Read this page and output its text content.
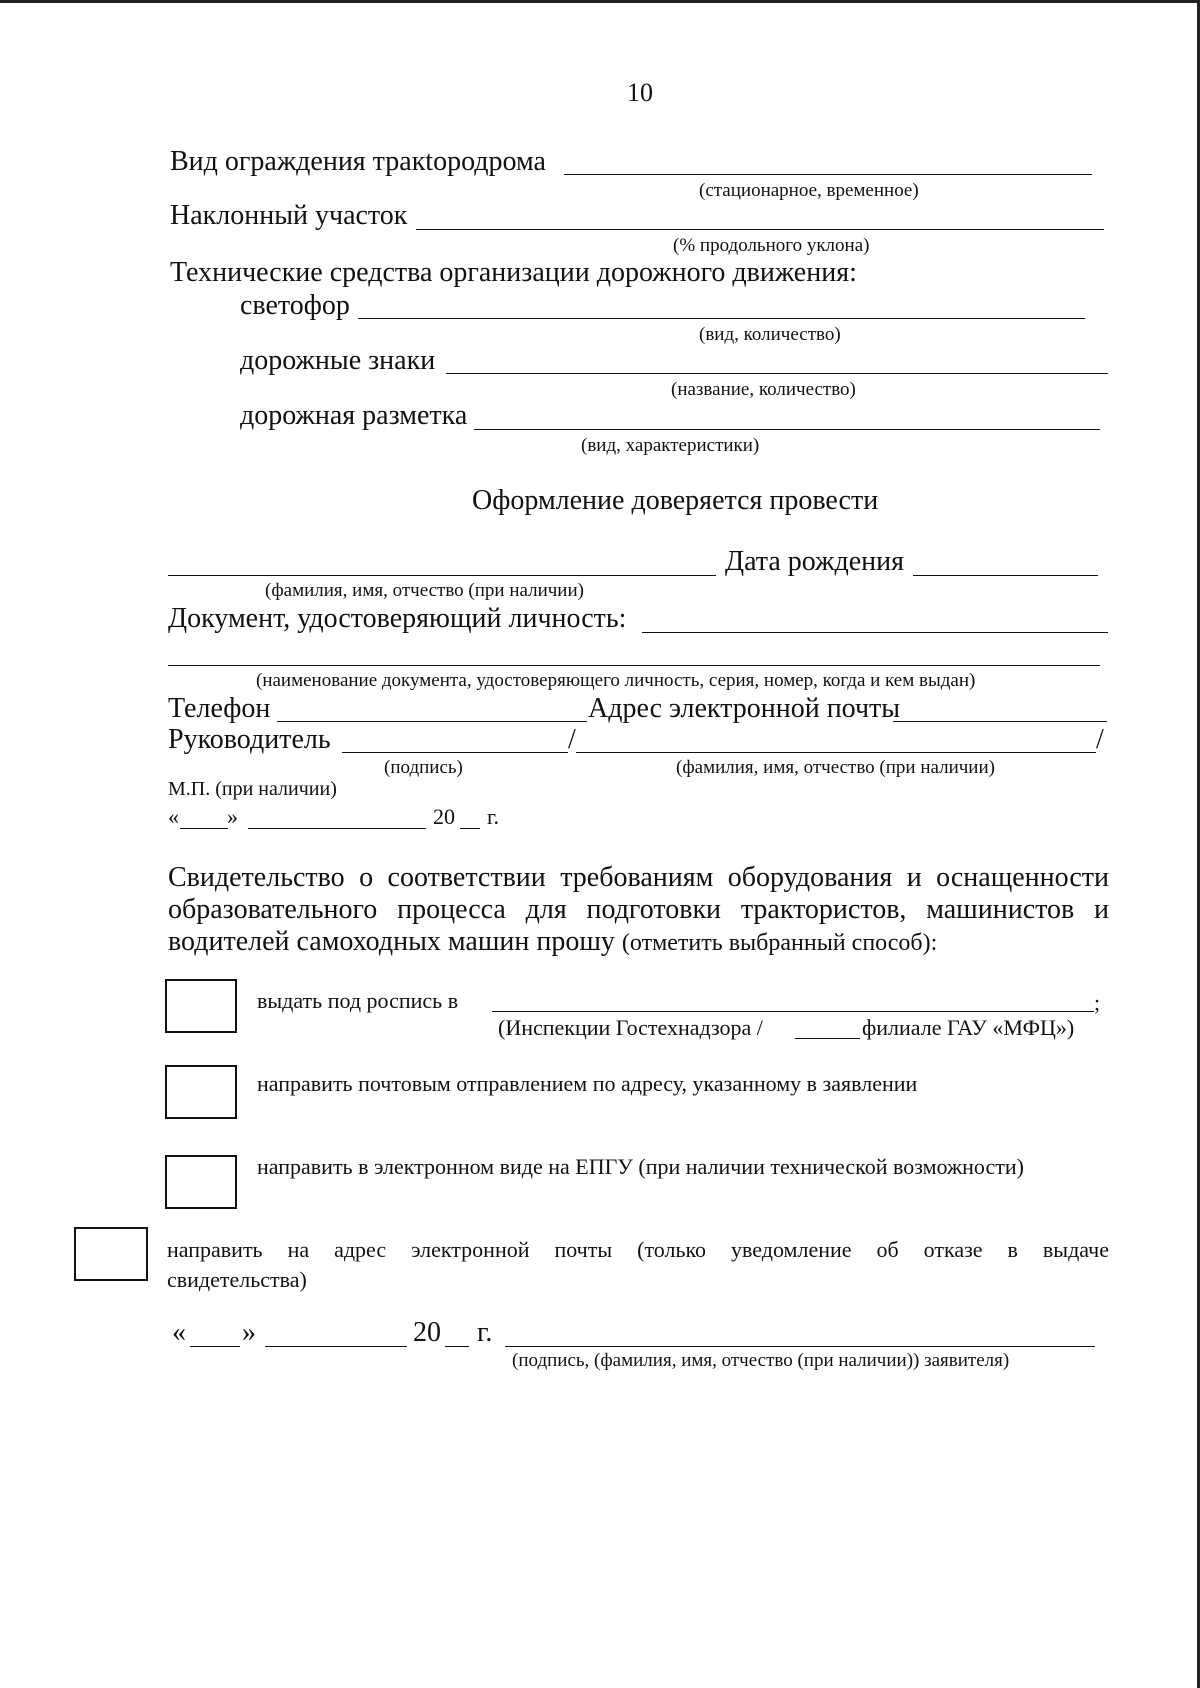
10
Вид ограждения тракtородрома
(стационарное, временное)
Наклонный участок
(% продольного уклона)
Технические средства организации дорожного движения:
светофор
(вид, количество)
дорожные знаки
(название, количество)
дорожная разметка
(вид, характеристики)
Оформление доверяется провести
Дата рождения
(фамилия, имя, отчество (при наличии)
Документ, удостоверяющий личность:
(наименование документа, удостоверяющего личность, серия, номер, когда и кем выдан)
Телефон	Адрес электронной почты
Руководитель	/	/
(подпись)	(фамилия, имя, отчество (при наличии)
М.П. (при наличии)
« »	20 г.
Свидетельство о соответствии требованиям оборудования и оснащенности
образовательного процесса для подготовки трактористов, машинистов и
водителей самоходных машин прошу (отметить выбранный способ):
выдать под роспись в	;
(Инспекции Гостехнадзора /	филиале ГАУ «МФЦ»)
направить почтовым отправлением по адресу, указанному в заявлении
направить в электронном виде на ЕПГУ (при наличии технической возможности)
направить на адрес электронной почты (только уведомление об отказе в выдаче
свидетельства)
« »	20 г.
(подпись, (фамилия, имя, отчество (при наличии)) заявителя)
